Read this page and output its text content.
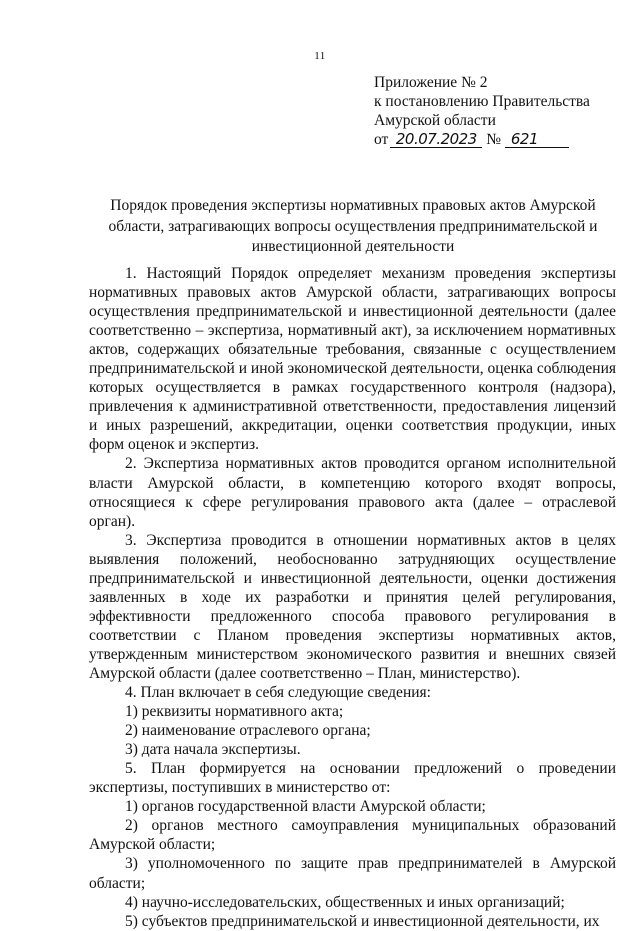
11
Приложение № 2
к постановлению Правительства
Амурской области
от 20.07.2023 № 621
Порядок проведения экспертизы нормативных правовых актов Амурской области, затрагивающих вопросы осуществления предпринимательской и инвестиционной деятельности

1. Настоящий Порядок определяет механизм проведения экспертизы нормативных правовых актов Амурской области, затрагивающих вопросы осуществления предпринимательской и инвестиционной деятельности (далее соответственно – экспертиза, нормативный акт), за исключением нормативных актов, содержащих обязательные требования, связанные с осуществлением предпринимательской и иной экономической деятельности, оценка соблюдения которых осуществляется в рамках государственного контроля (надзора), привлечения к административной ответственности, предоставления лицензий и иных разрешений, аккредитации, оценки соответствия продукции, иных форм оценок и экспертиз.

2. Экспертиза нормативных актов проводится органом исполнительной власти Амурской области, в компетенцию которого входят вопросы, относящиеся к сфере регулирования правового акта (далее – отраслевой орган).

3. Экспертиза проводится в отношении нормативных актов в целях выявления положений, необоснованно затрудняющих осуществление предпринимательской и инвестиционной деятельности, оценки достижения заявленных в ходе их разработки и принятия целей регулирования, эффективности предложенного способа правового регулирования в соответствии с Планом проведения экспертизы нормативных актов, утвержденным министерством экономического развития и внешних связей Амурской области (далее соответственно – План, министерство).

4. План включает в себя следующие сведения:

1) реквизиты нормативного акта;

2) наименование отраслевого органа;

3) дата начала экспертизы.

5. План формируется на основании предложений о проведении экспертизы, поступивших в министерство от:

1) органов государственной власти Амурской области;

2) органов местного самоуправления муниципальных образований Амурской области;

3) уполномоченного по защите прав предпринимателей в Амурской области;

4) научно-исследовательских, общественных и иных организаций;

5) субъектов предпринимательской и инвестиционной деятельности, их
